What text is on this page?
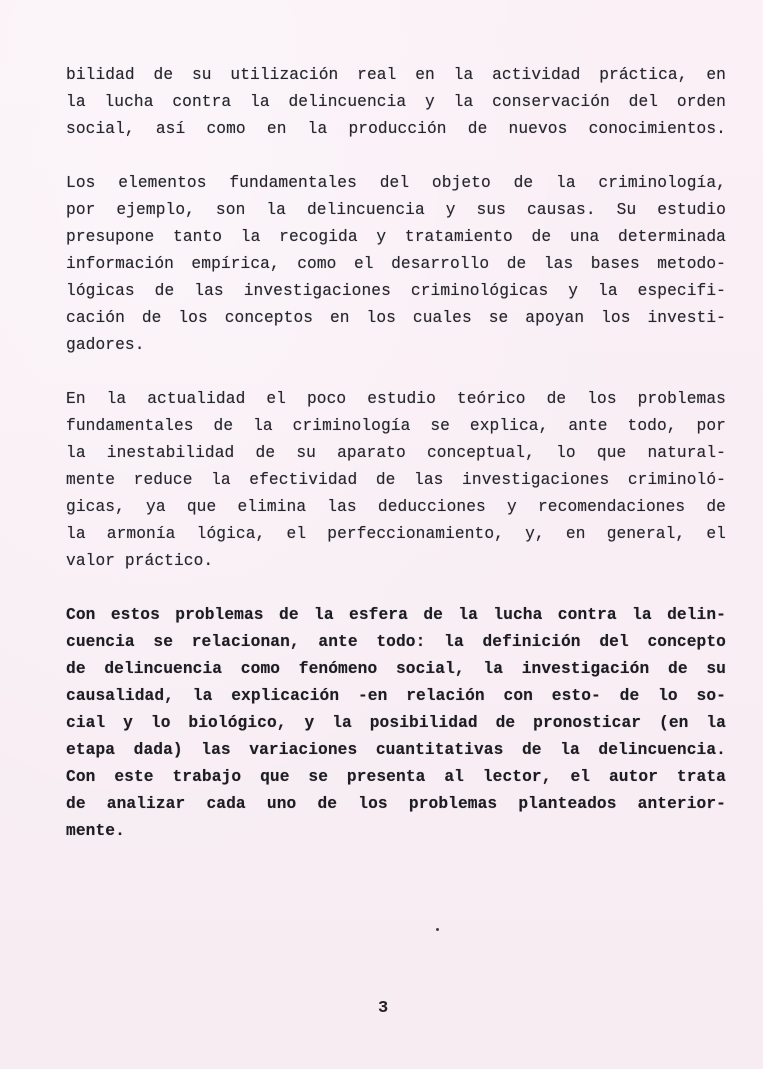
bilidad de su utilización real en la actividad práctica, en
la lucha contra la delincuencia y la conservación del orden
social, así como en la producción de nuevos conocimientos.
Los elementos fundamentales del objeto de la criminología,
por ejemplo, son la delincuencia y sus causas. Su estudio
presupone tanto la recogida y tratamiento de una determinada
información empírica, como el desarrollo de las bases metodo-
lógicas de las investigaciones criminológicas y la especifi-
cación de los conceptos en los cuales se apoyan los investi-
gadores.
En la actualidad el poco estudio teórico de los problemas
fundamentales de la criminología se explica, ante todo, por
la inestabilidad de su aparato conceptual, lo que natural-
mente reduce la efectividad de las investigaciones criminoló-
gicas, ya que elimina las deducciones y recomendaciones de
la armonía lógica, el perfeccionamiento, y, en general, el
valor práctico.
Con estos problemas de la esfera de la lucha contra la delin-
cuencia se relacionan, ante todo: la definición del concepto
de delincuencia como fenómeno social, la investigación de su
causalidad, la explicación -en relación con esto- de lo so-
cial y lo biológico, y la posibilidad de pronosticar (en la
etapa dada) las variaciones cuantitativas de la delincuencia.
Con este trabajo que se presenta al lector, el autor trata
de analizar cada uno de los problemas planteados anterior-
mente.
3
